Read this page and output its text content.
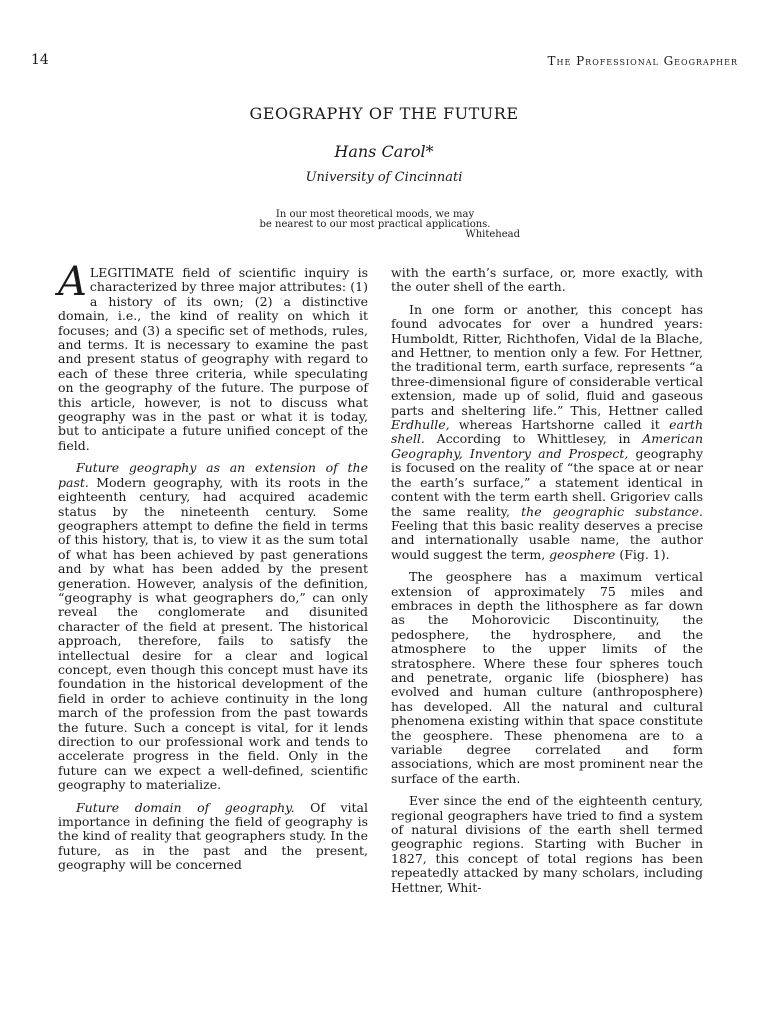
14	The Professional Geographer
GEOGRAPHY OF THE FUTURE
Hans Carol*
University of Cincinnati
In our most theoretical moods, we may
be nearest to our most practical applications.
Whitehead

ALEGITIMATE field of scientific inquiry is characterized by three major attributes: (1) a history of its own; (2) a distinctive domain, i.e., the kind of reality on which it focuses; and (3) a specific set of methods, rules, and terms. It is necessary to examine the past and present status of geography with regard to each of these three criteria, while speculating on the geography of the future. The purpose of this article, however, is not to discuss what geography was in the past or what it is today, but to anticipate a future unified concept of the field.

Future geography as an extension of the past. Modern geography, with its roots in the eighteenth century, had acquired academic status by the nineteenth century. Some geographers attempt to define the field in terms of this history, that is, to view it as the sum total of what has been achieved by past generations and by what has been added by the present generation. However, analysis of the definition, “geography is what geographers do,” can only reveal the conglomerate and disunited character of the field at present. The historical approach, therefore, fails to satisfy the intellectual desire for a clear and logical concept, even though this concept must have its foundation in the historical development of the field in order to achieve continuity in the long march of the profession from the past towards the future. Such a concept is vital, for it lends direction to our professional work and tends to accelerate progress in the field. Only in the future can we expect a well-defined, scientific geography to materialize.

Future domain of geography. Of vital importance in defining the field of geography is the kind of reality that geographers study. In the future, as in the past and the present, geography will be concerned

with the earth’s surface, or, more exactly, with the outer shell of the earth.

In one form or another, this concept has found advocates for over a hundred years: Humboldt, Ritter, Richthofen, Vidal de la Blache, and Hettner, to mention only a few. For Hettner, the traditional term, earth surface, represents “a three-dimensional figure of considerable vertical extension, made up of solid, fluid and gaseous parts and sheltering life.” This, Hettner called Erdhulle, whereas Hartshorne called it earth shell. According to Whittlesey, in American Geography, Inventory and Prospect, geography is focused on the reality of “the space at or near the earth’s surface,” a statement identical in content with the term earth shell. Grigoriev calls the same reality, the geographic substance. Feeling that this basic reality deserves a precise and internationally usable name, the author would suggest the term, geosphere (Fig. 1).

The geosphere has a maximum vertical extension of approximately 75 miles and embraces in depth the lithosphere as far down as the Mohorovicic Discontinuity, the pedosphere, the hydrosphere, and the atmosphere to the upper limits of the stratosphere. Where these four spheres touch and penetrate, organic life (biosphere) has evolved and human culture (anthroposphere) has developed. All the natural and cultural phenomena existing within that space constitute the geosphere. These phenomena are to a variable degree correlated and form associations, which are most prominent near the surface of the earth.

Ever since the end of the eighteenth century, regional geographers have tried to find a system of natural divisions of the earth shell termed geographic regions. Starting with Bucher in 1827, this concept of total regions has been repeatedly attacked by many scholars, including Hettner, Whit-
